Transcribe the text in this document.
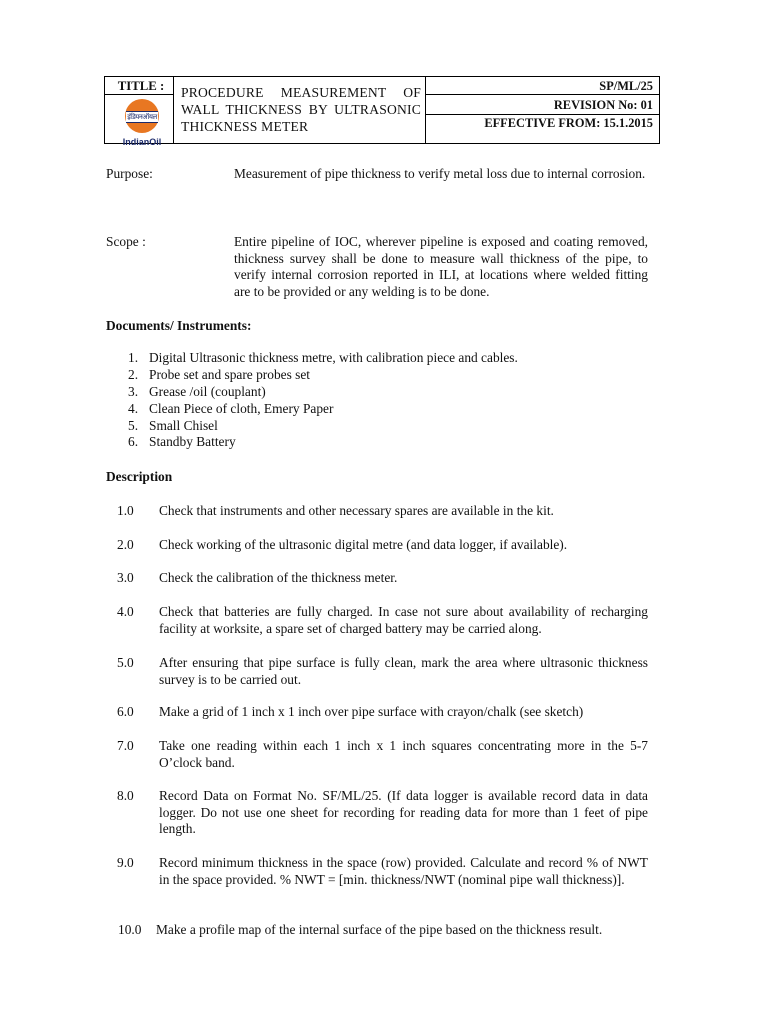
TITLE :
इंडियनऑयल
IndianOil
PROCEDURE MEASUREMENT OF WALL THICKNESS BY ULTRASONIC THICKNESS METER
SP/ML/25
REVISION No: 01
EFFECTIVE FROM: 15.1.2015
Purpose:	Measurement of pipe thickness to verify metal loss due to internal corrosion.
Scope :	Entire pipeline of IOC, wherever pipeline is exposed and coating removed, thickness survey shall be done to measure wall thickness of the pipe, to verify internal corrosion reported in ILI, at locations where welded fitting are to be provided or any welding is to be done.
Documents/ Instruments:
1. Digital Ultrasonic thickness metre, with calibration piece and cables.
2. Probe set and spare probes set
3. Grease /oil (couplant)
4. Clean Piece of cloth, Emery Paper
5. Small Chisel
6. Standby Battery
Description
1.0	Check that instruments and other necessary spares are available in the kit.
2.0	Check working of the ultrasonic digital metre (and data logger, if available).
3.0	Check the calibration of the thickness meter.
4.0	Check that batteries are fully charged. In case not sure about availability of recharging facility at worksite, a spare set of charged battery may be carried along.
5.0	After ensuring that pipe surface is fully clean, mark the area where ultrasonic thickness survey is to be carried out.
6.0	Make a grid of 1 inch x 1 inch over pipe surface with crayon/chalk (see sketch)
7.0	Take one reading within each 1 inch x 1 inch squares concentrating more in the 5-7 O’clock band.
8.0	Record Data on Format No. SF/ML/25. (If data logger is available record data in data logger. Do not use one sheet for recording for reading data for more than 1 feet of pipe length.
9.0	Record minimum thickness in the space (row) provided. Calculate and record % of NWT in the space provided. % NWT = [min. thickness/NWT (nominal pipe wall thickness)].
10.0	Make a profile map of the internal surface of the pipe based on the thickness result.
